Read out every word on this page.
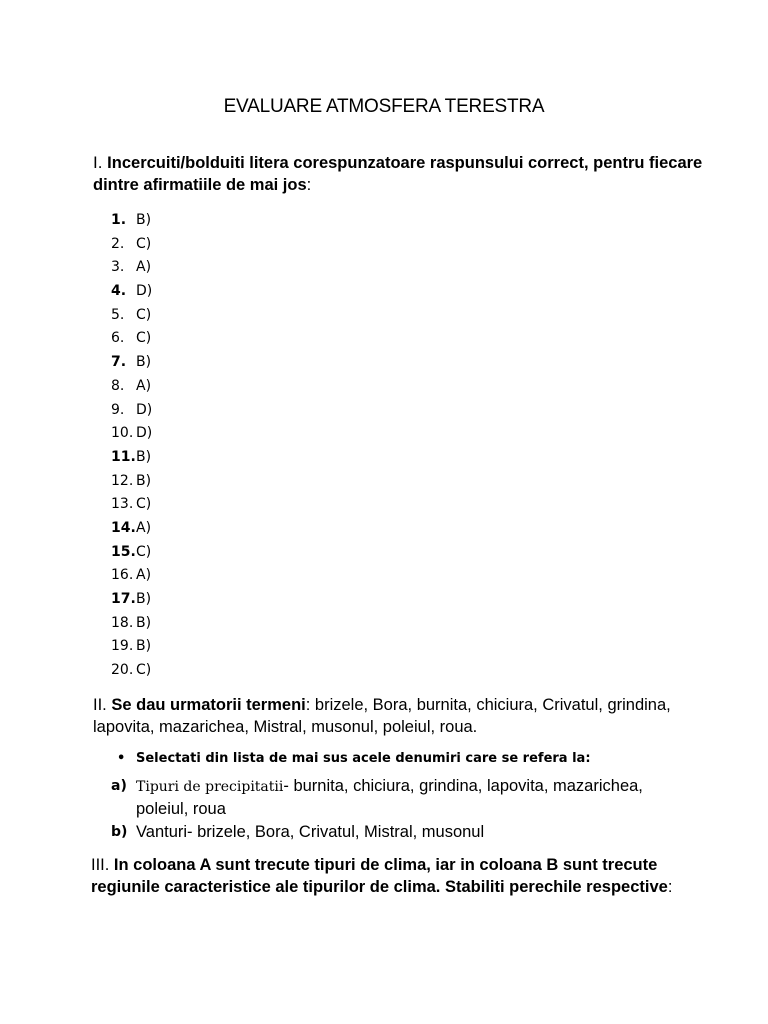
EVALUARE ATMOSFERA TERESTRA
I. Incercuiti/bolduiti litera corespunzatoare raspunsului correct, pentru fiecare dintre afirmatiile de mai jos:
1. B)
2. C)
3. A)
4. D)
5. C)
6. C)
7. B)
8. A)
9. D)
10. D)
11.B)
12. B)
13. C)
14.A)
15.C)
16. A)
17.B)
18. B)
19. B)
20. C)
II. Se dau urmatorii termeni: brizele, Bora, burnita, chiciura, Crivatul, grindina, lapovita, mazarichea, Mistral, musonul, poleiul, roua.
• Selectati din lista de mai sus acele denumiri care se refera la:
a) Tipuri de precipitatii- burnita, chiciura, grindina, lapovita, mazarichea, poleiul, roua
b) Vanturi- brizele, Bora, Crivatul, Mistral, musonul
III. In coloana A sunt trecute tipuri de clima, iar in coloana B sunt trecute regiunile caracteristice ale tipurilor de clima. Stabiliti perechile respective:
